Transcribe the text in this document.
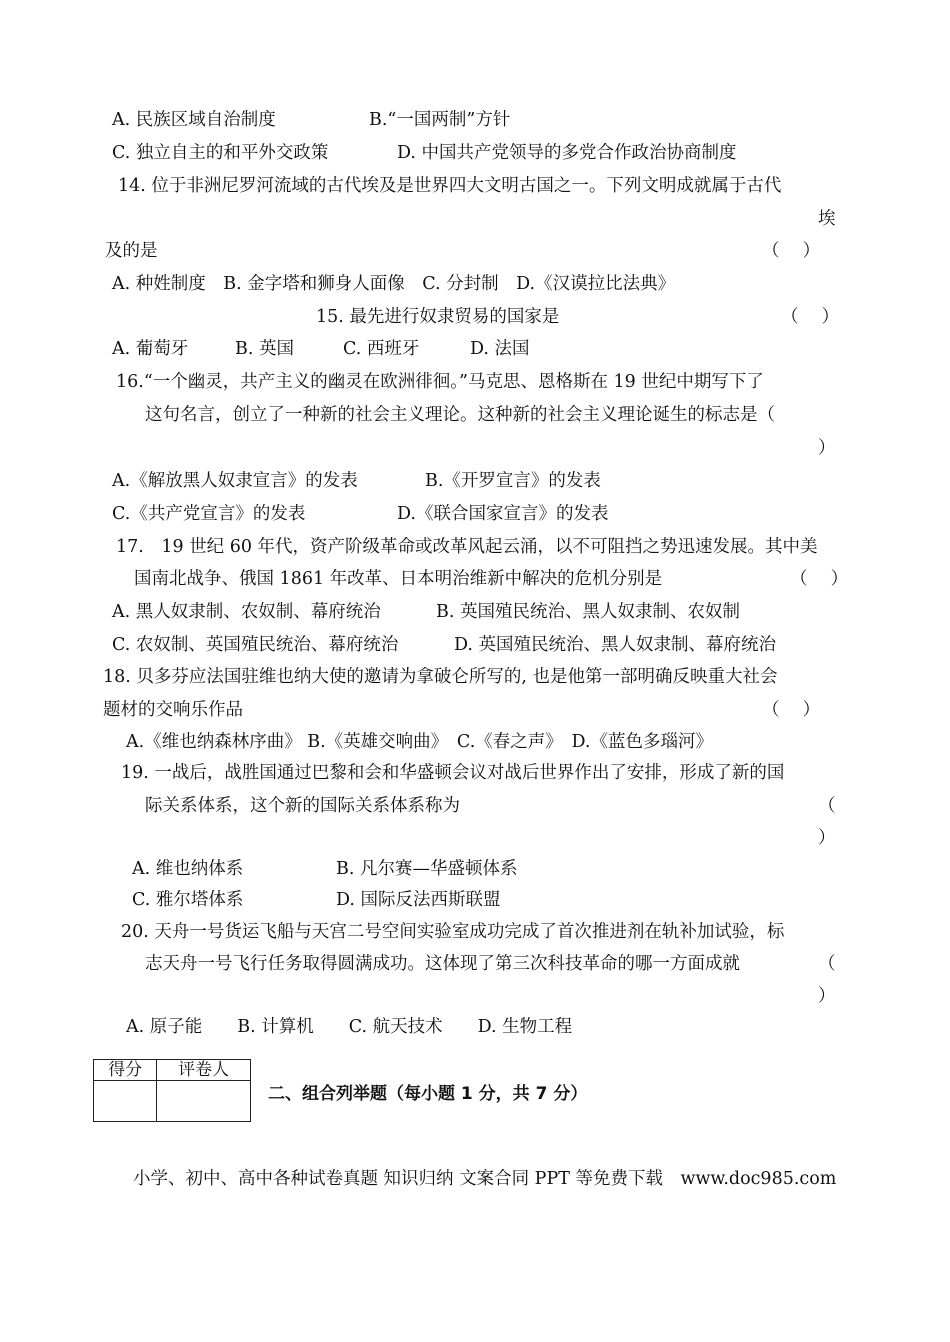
A. 民族区域自治制度	B.“一国两制”方针
C. 独立自主的和平外交政策	D. 中国共产党领导的多党合作政治协商制度
14. 位于非洲尼罗河流域的古代埃及是世界四大文明古国之一。下列文明成就属于古代
埃
及的是	（　 ）
A. 种姓制度　B. 金字塔和狮身人面像　C. 分封制　D.《汉谟拉比法典》
15. 最先进行奴隶贸易的国家是	（　 ）
A. 葡萄牙	B. 英国	C. 西班牙	D. 法国
16.“一个幽灵，共产主义的幽灵在欧洲徘徊。”马克思、恩格斯在 19 世纪中期写下了
这句名言，创立了一种新的社会主义理论。这种新的社会主义理论诞生的标志是（
）
A.《解放黑人奴隶宣言》的发表	B.《开罗宣言》的发表
C.《共产党宣言》的发表	D.《联合国家宣言》的发表
17.　19 世纪 60 年代，资产阶级革命或改革风起云涌，以不可阻挡之势迅速发展。其中美
国南北战争、俄国 1861 年改革、日本明治维新中解决的危机分别是	（　 ）
A. 黑人奴隶制、农奴制、幕府统治	B. 英国殖民统治、黑人奴隶制、农奴制
C. 农奴制、英国殖民统治、幕府统治	D. 英国殖民统治、黑人奴隶制、幕府统治
18. 贝多芬应法国驻维也纳大使的邀请为拿破仑所写的, 也是他第一部明确反映重大社会
题材的交响乐作品	（　 ）
A.《维也纳森林序曲》 B.《英雄交响曲》　C.《春之声》　D.《蓝色多瑙河》
19. 一战后，战胜国通过巴黎和会和华盛顿会议对战后世界作出了安排，形成了新的国
际关系体系，这个新的国际关系体系称为	（
）
A. 维也纳体系	B. 凡尔赛—华盛顿体系
C. 雅尔塔体系	D. 国际反法西斯联盟
20. 天舟一号货运飞船与天宫二号空间实验室成功完成了首次推进剂在轨补加试验，标
志天舟一号飞行任务取得圆满成功。这体现了第三次科技革命的哪一方面成就	（
）
A. 原子能　　B. 计算机　　C. 航天技术　　D. 生物工程
得分	评卷人

二、组合列举题（每小题 1 分，共 7 分）
小学、初中、高中各种试卷真题 知识归纳 文案合同 PPT 等免费下载　www.doc985.com
